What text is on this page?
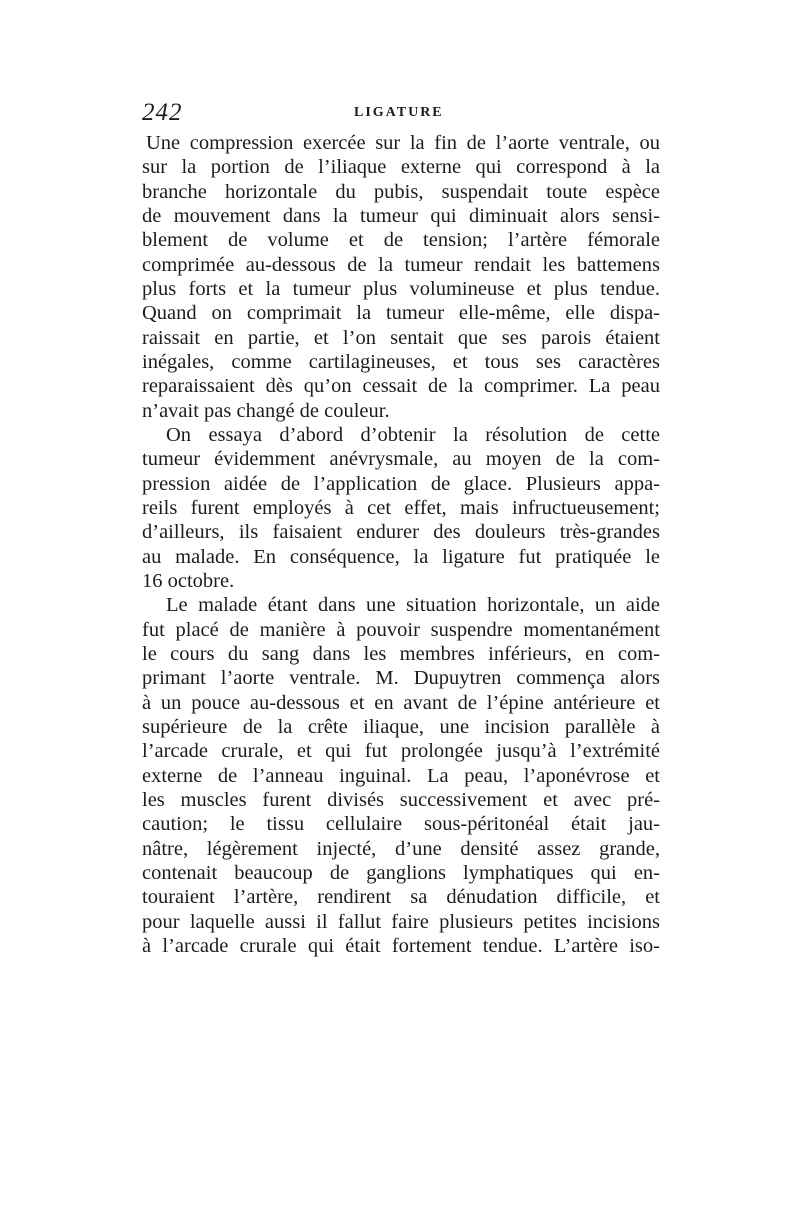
242	LIGATURE
Une compression exercée sur la fin de l’aorte ventrale, ou
sur la portion de l’iliaque externe qui correspond à la
branche horizontale du pubis, suspendait toute espèce
de mouvement dans la tumeur qui diminuait alors sensi-
blement de volume et de tension; l’artère fémorale
comprimée au-dessous de la tumeur rendait les battemens
plus forts et la tumeur plus volumineuse et plus tendue.
Quand on comprimait la tumeur elle-même, elle dispa-
raissait en partie, et l’on sentait que ses parois étaient
inégales, comme cartilagineuses, et tous ses caractères
reparaissaient dès qu’on cessait de la comprimer. La peau
n’avait pas changé de couleur.
On essaya d’abord d’obtenir la résolution de cette
tumeur évidemment anévrysmale, au moyen de la com-
pression aidée de l’application de glace. Plusieurs appa-
reils furent employés à cet effet, mais infructueusement;
d’ailleurs, ils faisaient endurer des douleurs très-grandes
au malade. En conséquence, la ligature fut pratiquée le
16 octobre.
Le malade étant dans une situation horizontale, un aide
fut placé de manière à pouvoir suspendre momentanément
le cours du sang dans les membres inférieurs, en com-
primant l’aorte ventrale. M. Dupuytren commença alors
à un pouce au-dessous et en avant de l’épine antérieure et
supérieure de la crête iliaque, une incision parallèle à
l’arcade crurale, et qui fut prolongée jusqu’à l’extrémité
externe de l’anneau inguinal. La peau, l’aponévrose et
les muscles furent divisés successivement et avec pré-
caution; le tissu cellulaire sous-péritonéal était jau-
nâtre, légèrement injecté, d’une densité assez grande,
contenait beaucoup de ganglions lymphatiques qui en-
touraient l’artère, rendirent sa dénudation difficile, et
pour laquelle aussi il fallut faire plusieurs petites incisions
à l’arcade crurale qui était fortement tendue. L’artère iso-
